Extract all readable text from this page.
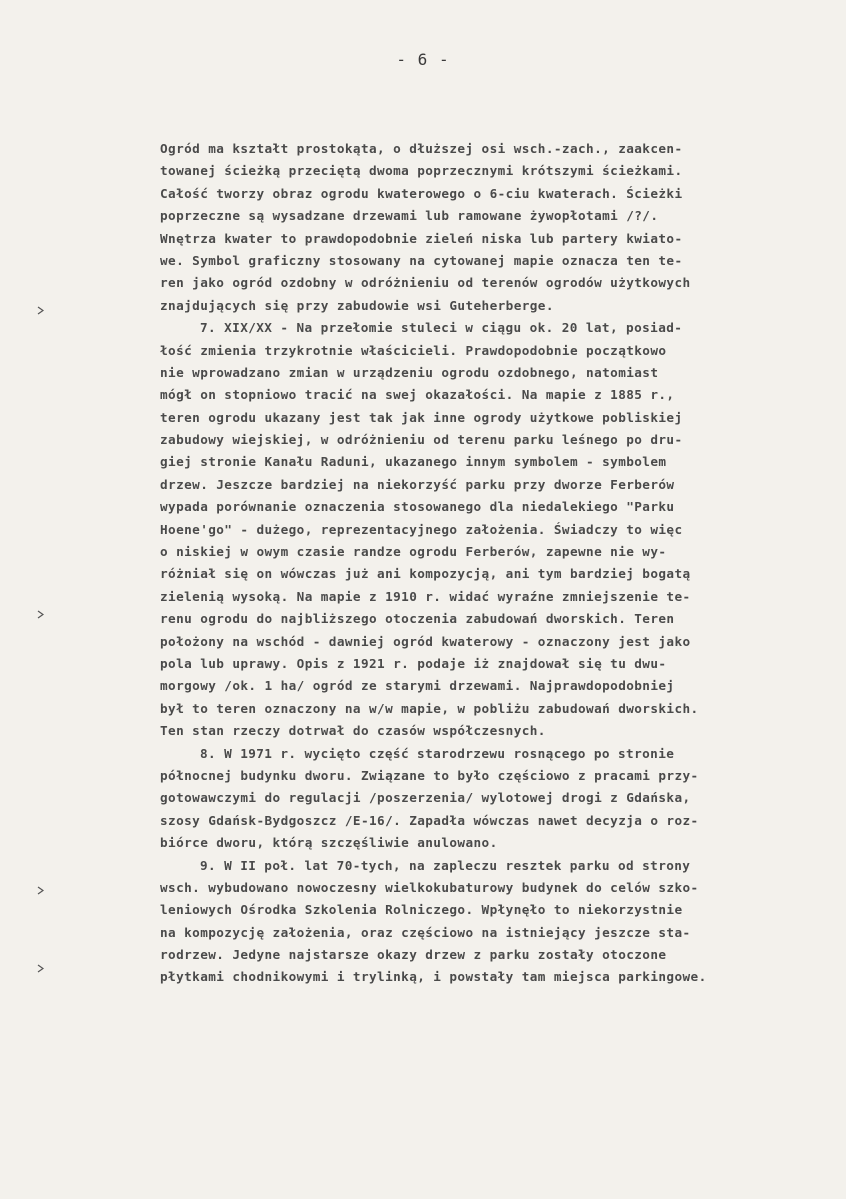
- 6 -
Ogród ma kształt prostokąta, o dłuższej osi wsch.-zach., zaakcen-
towanej ścieżką przeciętą dwoma poprzecznymi krótszymi ścieżkami.
Całość tworzy obraz ogrodu kwaterowego o 6-ciu kwaterach. Ścieżki
poprzeczne są wysadzane drzewami lub ramowane żywopłotami /?/.
Wnętrza kwater to prawdopodobnie zieleń niska lub partery kwiato-
we. Symbol graficzny stosowany na cytowanej mapie oznacza ten te-
ren jako ogród ozdobny w odróżnieniu od terenów ogrodów użytkowych
znajdujących się przy zabudowie wsi Guteherberge.
7. XIX/XX - Na przełomie stuleci w ciągu ok. 20 lat, posiad-
łość zmienia trzykrotnie właścicieli. Prawdopodobnie początkowo
nie wprowadzano zmian w urządzeniu ogrodu ozdobnego, natomiast
mógł on stopniowo tracić na swej okazałości. Na mapie z 1885 r.,
teren ogrodu ukazany jest tak jak inne ogrody użytkowe pobliskiej
zabudowy wiejskiej, w odróżnieniu od terenu parku leśnego po dru-
giej stronie Kanału Raduni, ukazanego innym symbolem - symbolem
drzew. Jeszcze bardziej na niekorzyść parku przy dworze Ferberów
wypada porównanie oznaczenia stosowanego dla niedalekiego "Parku
Hoene'go" - dużego, reprezentacyjnego założenia. Świadczy to więc
o niskiej w owym czasie randze ogrodu Ferberów, zapewne nie wy-
różniał się on wówczas już ani kompozycją, ani tym bardziej bogatą
zielenią wysoką. Na mapie z 1910 r. widać wyraźne zmniejszenie te-
renu ogrodu do najbliższego otoczenia zabudowań dworskich. Teren
położony na wschód - dawniej ogród kwaterowy - oznaczony jest jako
pola lub uprawy. Opis z 1921 r. podaje iż znajdował się tu dwu-
morgowy /ok. 1 ha/ ogród ze starymi drzewami. Najprawdopodobniej
był to teren oznaczony na w/w mapie, w pobliżu zabudowań dworskich.
Ten stan rzeczy dotrwał do czasów współczesnych.
8. W 1971 r. wycięto część starodrzewu rosnącego po stronie
północnej budynku dworu. Związane to było częściowo z pracami przy-
gotowawczymi do regulacji /poszerzenia/ wylotowej drogi z Gdańska,
szosy Gdańsk-Bydgoszcz /E-16/. Zapadła wówczas nawet decyzja o roz-
biórce dworu, którą szczęśliwie anulowano.
9. W II poł. lat 70-tych, na zapleczu resztek parku od strony
wsch. wybudowano nowoczesny wielkokubaturowy budynek do celów szko-
leniowych Ośrodka Szkolenia Rolniczego. Wpłynęło to niekorzystnie
na kompozycję założenia, oraz częściowo na istniejący jeszcze sta-
rodrzew. Jedyne najstarsze okazy drzew z parku zostały otoczone
płytkami chodnikowymi i trylinką, i powstały tam miejsca parkingowe.
